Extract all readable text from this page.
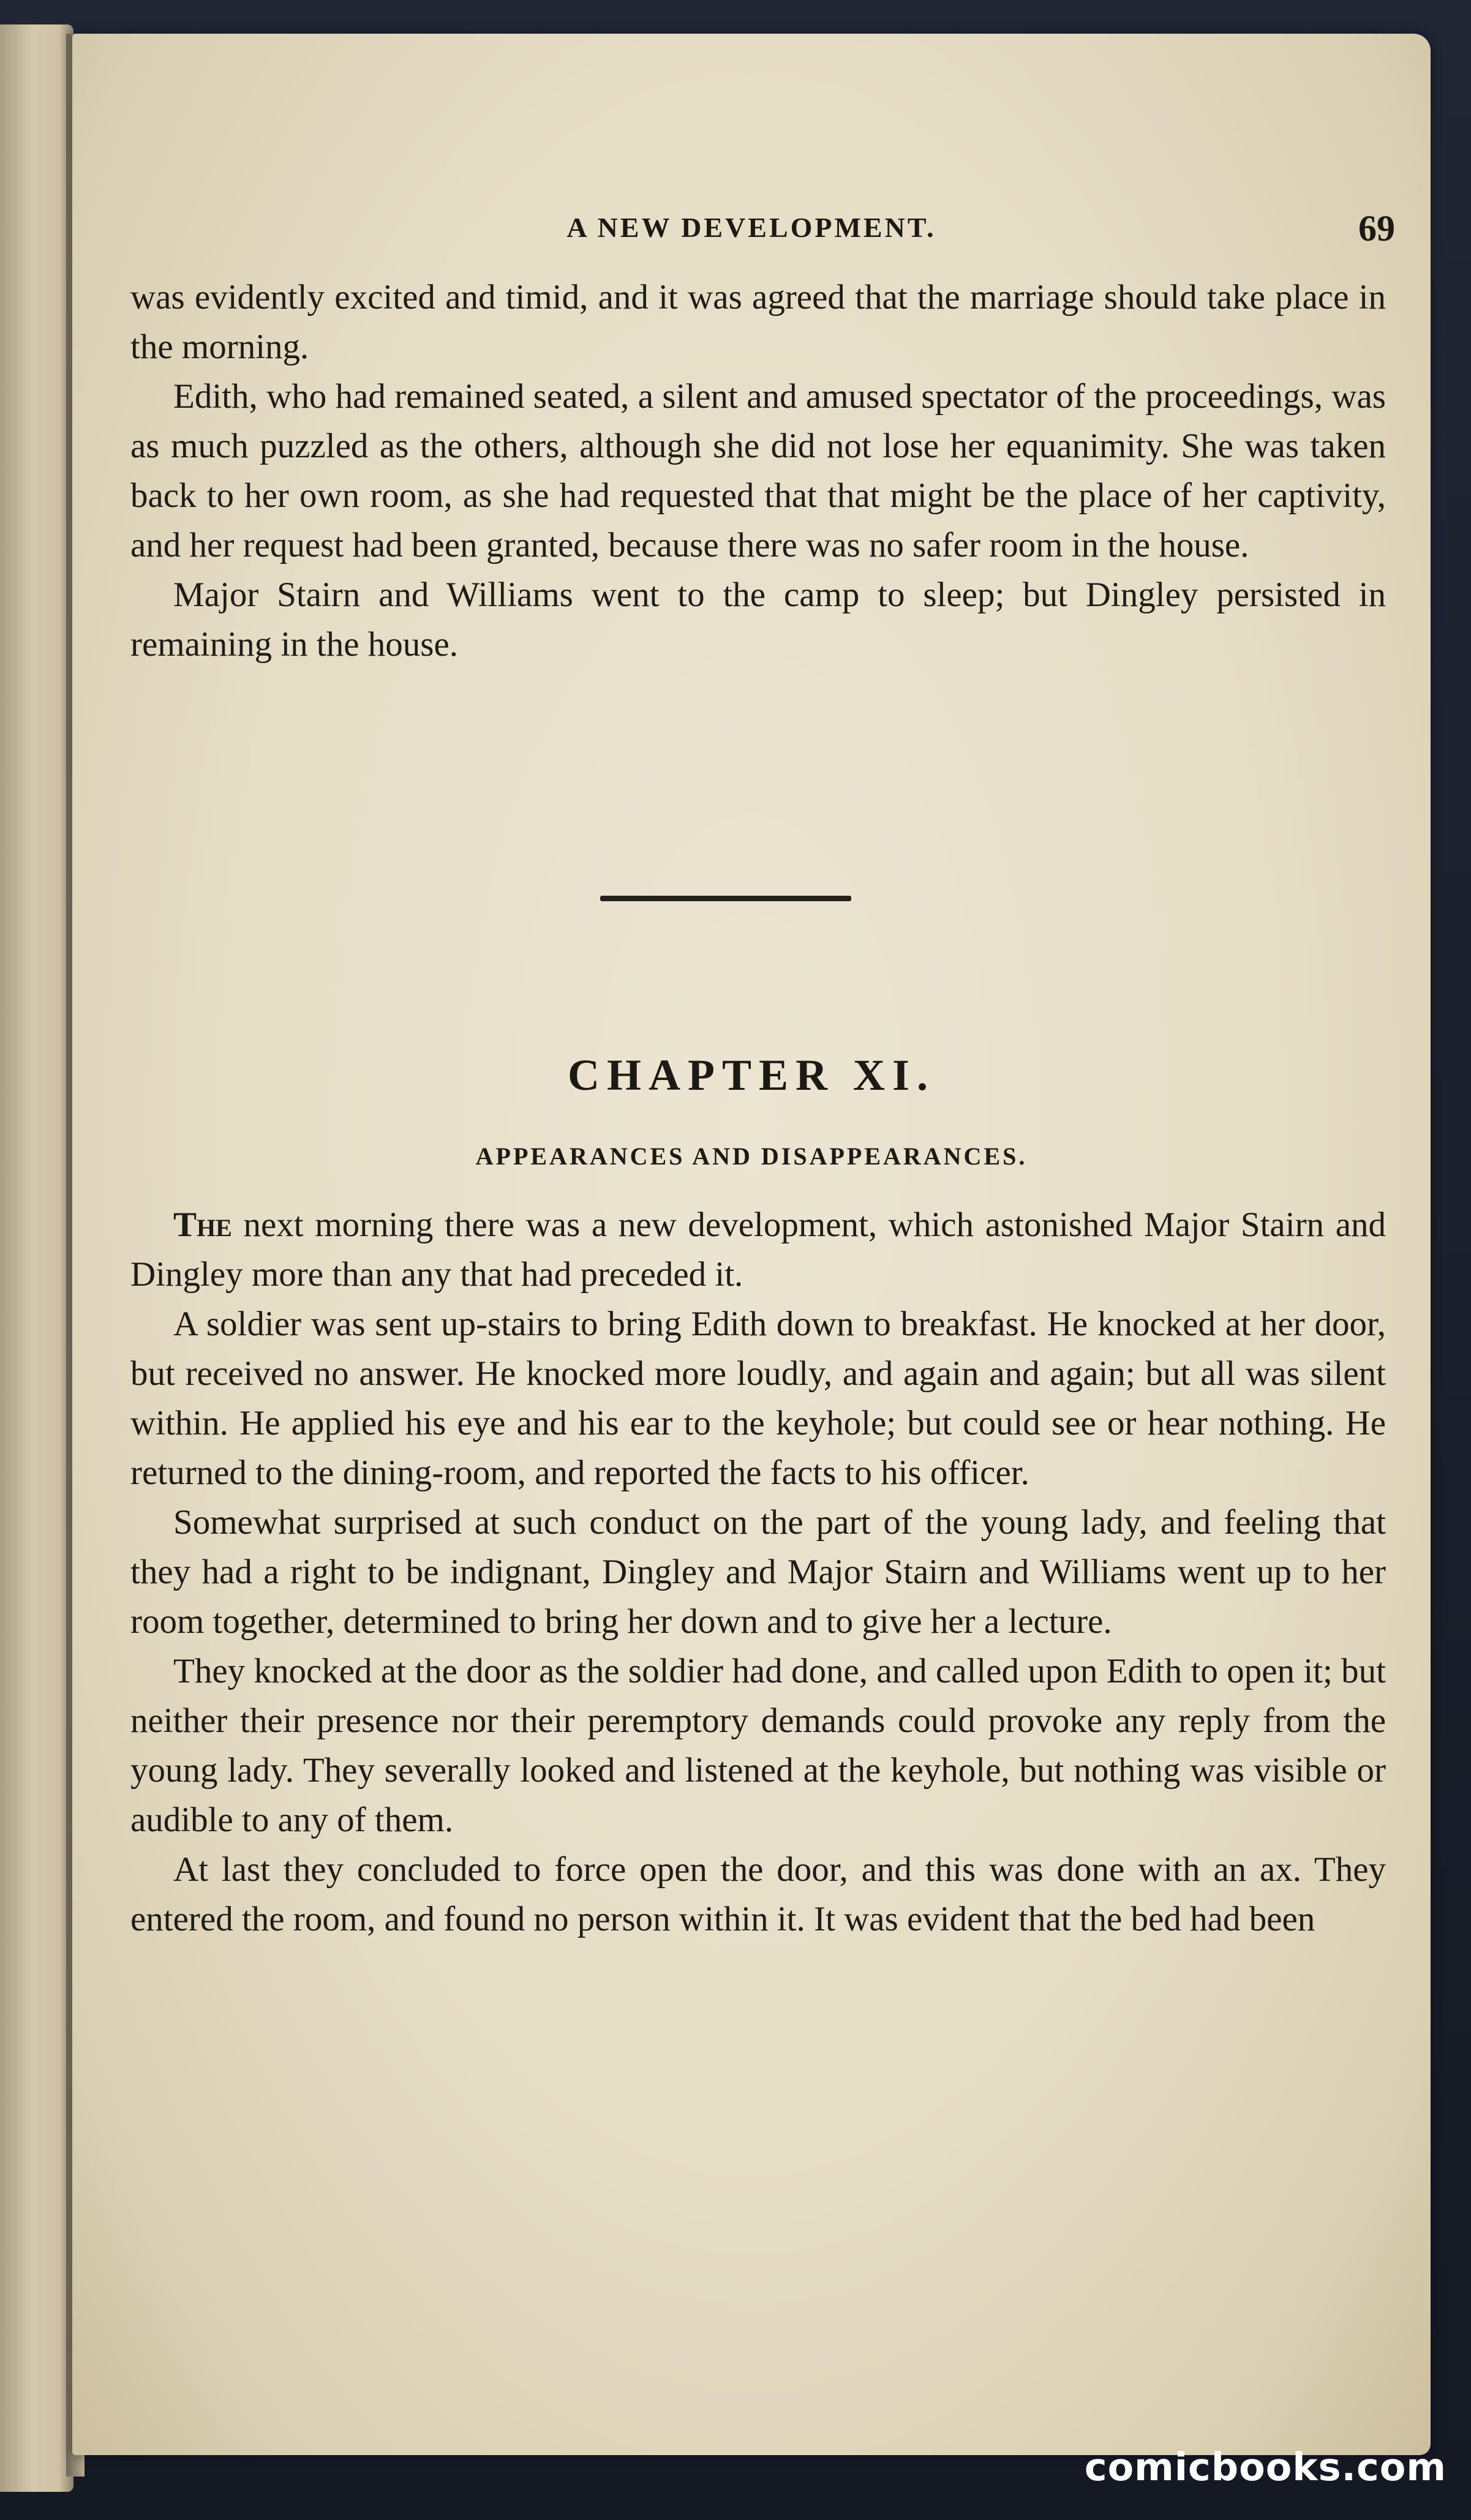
A NEW DEVELOPMENT.	69

was evidently excited and timid, and it was agreed that the marriage should take place in the morning.

Edith, who had remained seated, a silent and amused spectator of the proceedings, was as much puzzled as the others, although she did not lose her equanimity. She was taken back to her own room, as she had requested that that might be the place of her captivity, and her request had been granted, because there was no safer room in the house.

Major Stairn and Williams went to the camp to sleep; but Dingley persisted in remaining in the house.

CHAPTER XI.
APPEARANCES AND DISAPPEARANCES.

The next morning there was a new development, which astonished Major Stairn and Dingley more than any that had preceded it.

A soldier was sent up-stairs to bring Edith down to breakfast. He knocked at her door, but received no answer. He knocked more loudly, and again and again; but all was silent within. He applied his eye and his ear to the keyhole; but could see or hear nothing. He returned to the dining-room, and reported the facts to his officer.

Somewhat surprised at such conduct on the part of the young lady, and feeling that they had a right to be indignant, Dingley and Major Stairn and Williams went up to her room together, determined to bring her down and to give her a lecture.

They knocked at the door as the soldier had done, and called upon Edith to open it; but neither their presence nor their peremptory demands could provoke any reply from the young lady. They severally looked and listened at the keyhole, but nothing was visible or audible to any of them.

At last they concluded to force open the door, and this was done with an ax. They entered the room, and found no person within it. It was evident that the bed had been

comicbooks.com
